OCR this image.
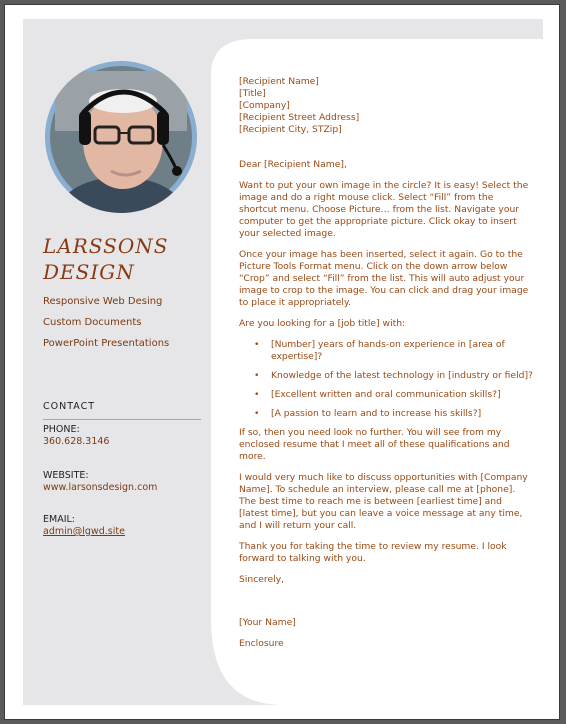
LARSSONS
DESIGN
Responsive Web Desing
Custom Documents
PowerPoint Presentations
CONTACT
PHONE:
360.628.3146
WEBSITE:
www.larsonsdesign.com
EMAIL:
admin@lgwd.site

[Recipient Name]
[Title]
[Company]
[Recipient Street Address]
[Recipient City, STZip]

Dear [Recipient Name],

Want to put your own image in the circle? It is easy! Select the image and do a right mouse click. Select “Fill” from the shortcut menu. Choose Picture… from the list. Navigate your computer to get the appropriate picture. Click okay to insert your selected image.

Once your image has been inserted, select it again. Go to the Picture Tools Format menu. Click on the down arrow below “Crop” and select “Fill” from the list. This will auto adjust your image to crop to the image. You can click and drag your image to place it appropriately.

Are you looking for a [job title] with:

• [Number] years of hands-on experience in [area of expertise]?
• Knowledge of the latest technology in [industry or field]?
• [Excellent written and oral communication skills?]
• [A passion to learn and to increase his skills?]

If so, then you need look no further. You will see from my enclosed resume that I meet all of these qualifications and more.

I would very much like to discuss opportunities with [Company Name]. To schedule an interview, please call me at [phone]. The best time to reach me is between [earliest time] and [latest time], but you can leave a voice message at any time, and I will return your call.

Thank you for taking the time to review my resume. I look forward to talking with you.

Sincerely,

[Your Name]

Enclosure
